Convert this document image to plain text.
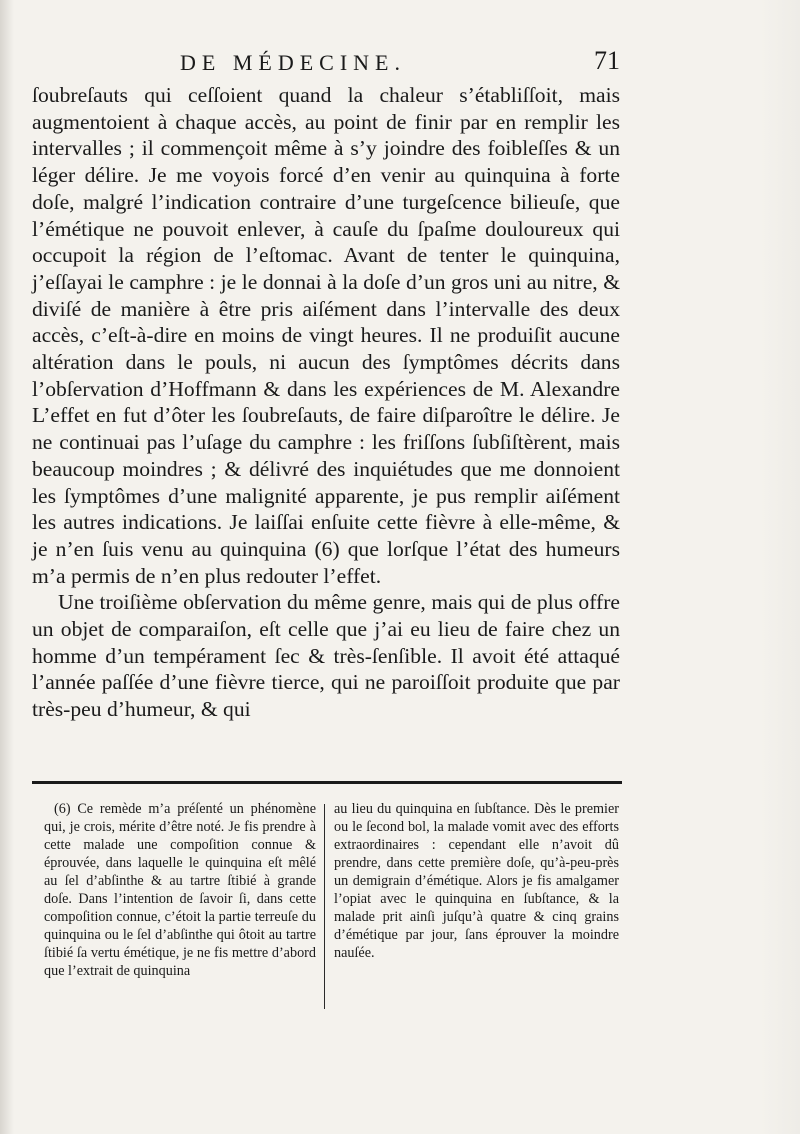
DE MÉDECINE.	71

ſoubreſauts qui ceſſoient quand la chaleur s’établiſſoit, mais augmentoient à chaque accès, au point de finir par en remplir les intervalles ; il commençoit même à s’y joindre des foibleſſes & un léger délire. Je me voyois forcé d’en venir au quinquina à forte doſe, malgré l’indication contraire d’une turgeſcence bilieuſe, que l’émétique ne pouvoit enlever, à cauſe du ſpaſme douloureux qui occupoit la région de l’eſtomac. Avant de tenter le quinquina, j’eſſayai le camphre : je le donnai à la doſe d’un gros uni au nitre, & diviſé de manière à être pris aiſément dans l’intervalle des deux accès, c’eſt-à-dire en moins de vingt heures. Il ne produiſit aucune altération dans le pouls, ni aucun des ſymptômes décrits dans l’obſervation d’Hoffmann & dans les expériences de M. Alexandre L’effet en fut d’ôter les ſoubreſauts, de faire diſparoître le délire. Je ne continuai pas l’uſage du camphre : les friſſons ſubſiſtèrent, mais beaucoup moindres ; & délivré des inquiétudes que me donnoient les ſymptômes d’une malignité apparente, je pus remplir aiſément les autres indications. Je laiſſai enſuite cette fièvre à elle-même, & je n’en ſuis venu au quinquina (6) que lorſque l’état des humeurs m’a permis de n’en plus redouter l’effet.

Une troiſième obſervation du même genre, mais qui de plus offre un objet de comparaiſon, eſt celle que j’ai eu lieu de faire chez un homme d’un tempérament ſec & très-ſenſible. Il avoit été attaqué l’année paſſée d’une fièvre tierce, qui ne paroiſſoit produite que par très-peu d’humeur, & qui

(6) Ce remède m’a préſenté un phénomène qui, je crois, mérite d’être noté. Je fis prendre à cette malade une compoſition connue & éprouvée, dans laquelle le quinquina eſt mêlé au ſel d’abſinthe & au tartre ſtibié à grande doſe. Dans l’intention de ſavoir ſi, dans cette compoſition connue, c’étoit la partie terreuſe du quinquina ou le ſel d’abſinthe qui ôtoit au tartre ſtibié ſa vertu émétique, je ne fis mettre d’abord que l’extrait de quinquina
au lieu du quinquina en ſubſtance. Dès le premier ou le ſecond bol, la malade vomit avec des efforts extraordinaires : cependant elle n’avoit dû prendre, dans cette première doſe, qu’à-peu-près un demigrain d’émétique. Alors je fis amalgamer l’opiat avec le quinquina en ſubſtance, & la malade prit ainſi juſqu’à quatre & cinq grains d’émétique par jour, ſans éprouver la moindre nauſée.
